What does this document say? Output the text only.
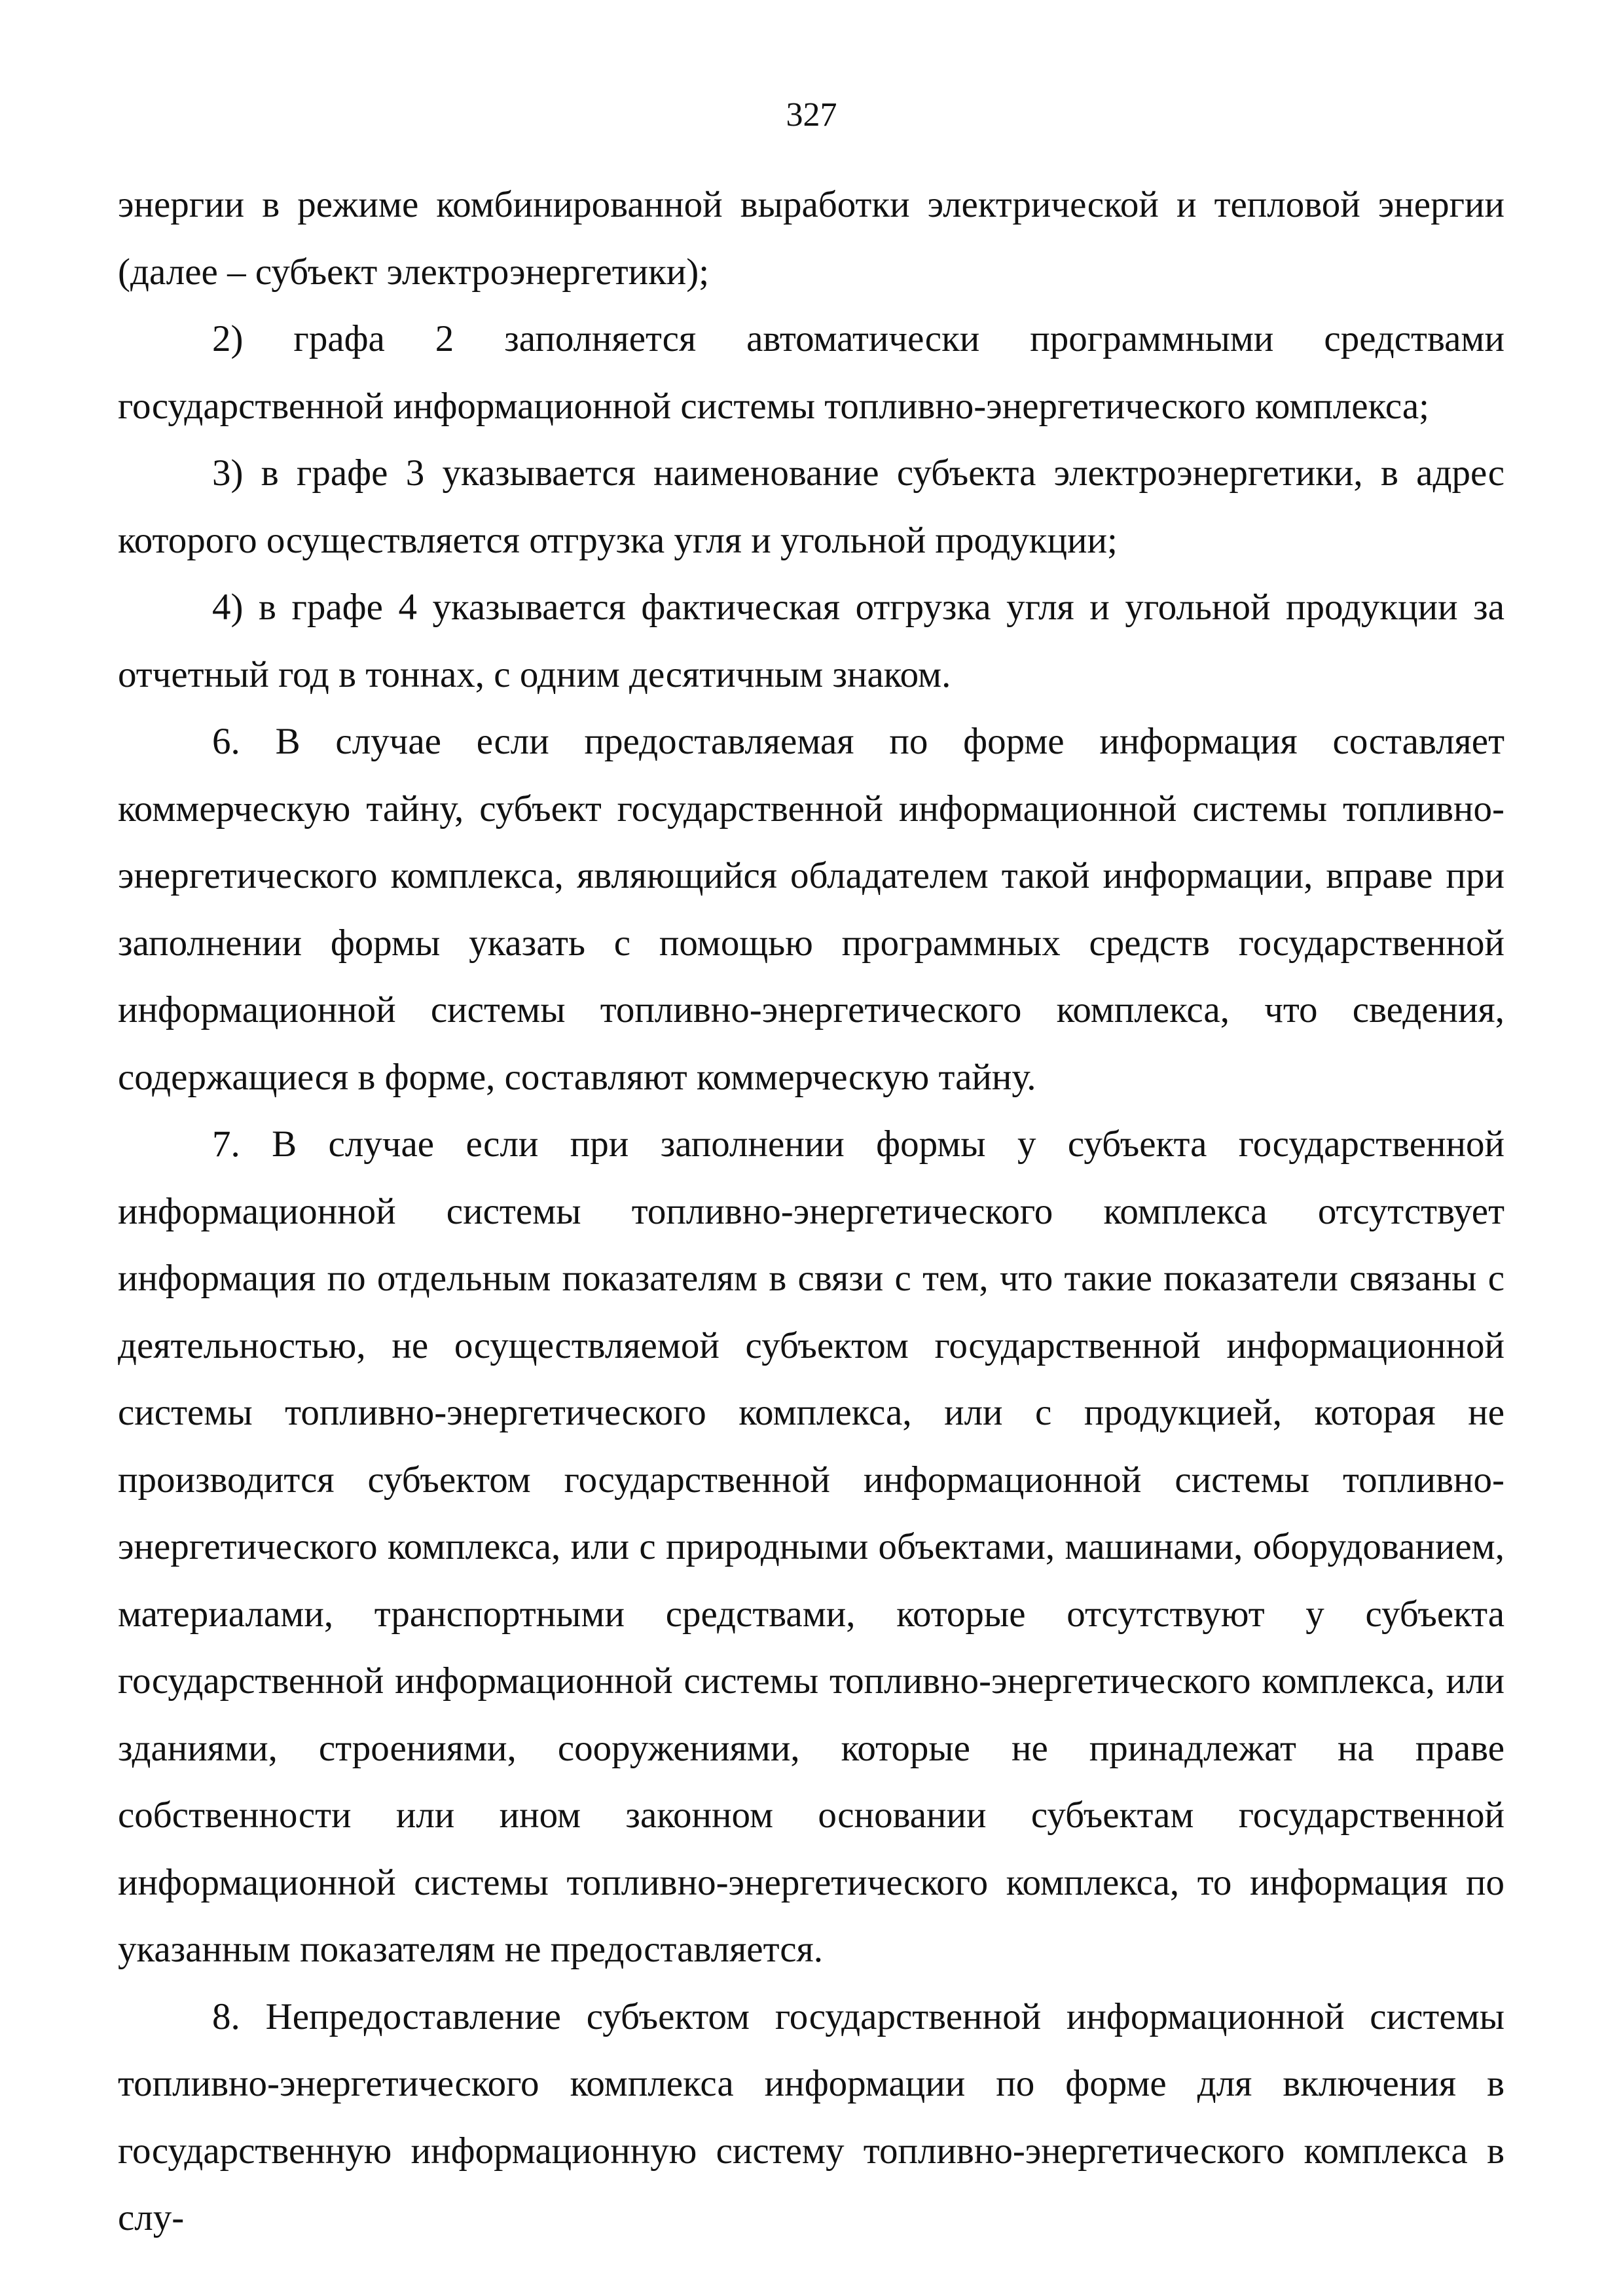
327

энергии в режиме комбинированной выработки электрической и тепловой энергии (далее – субъект электроэнергетики);

2) графа 2 заполняется автоматически программными средствами государственной информационной системы топливно-энергетического комплекса;

3) в графе 3 указывается наименование субъекта электроэнергетики, в адрес которого осуществляется отгрузка угля и угольной продукции;

4) в графе 4 указывается фактическая отгрузка угля и угольной продукции за отчетный год в тоннах, с одним десятичным знаком.

6. В случае если предоставляемая по форме информация составляет коммерческую тайну, субъект государственной информационной системы топливно-энергетического комплекса, являющийся обладателем такой информации, вправе при заполнении формы указать с помощью программных средств государственной информационной системы топливно-энергетического комплекса, что сведения, содержащиеся в форме, составляют коммерческую тайну.

7. В случае если при заполнении формы у субъекта государственной информационной системы топливно-энергетического комплекса отсутствует информация по отдельным показателям в связи с тем, что такие показатели связаны с деятельностью, не осуществляемой субъектом государственной информационной системы топливно-энергетического комплекса, или с продукцией, которая не производится субъектом государственной информационной системы топливно-энергетического комплекса, или с природными объектами, машинами, оборудованием, материалами, транспортными средствами, которые отсутствуют у субъекта государственной информационной системы топливно-энергетического комплекса, или зданиями, строениями, сооружениями, которые не принадлежат на праве собственности или ином законном основании субъектам государственной информационной системы топливно-энергетического комплекса, то информация по указанным показателям не предоставляется.

8. Непредоставление субъектом государственной информационной системы топливно-энергетического комплекса информации по форме для включения в государственную информационную систему топливно-энергетического комплекса в слу-
